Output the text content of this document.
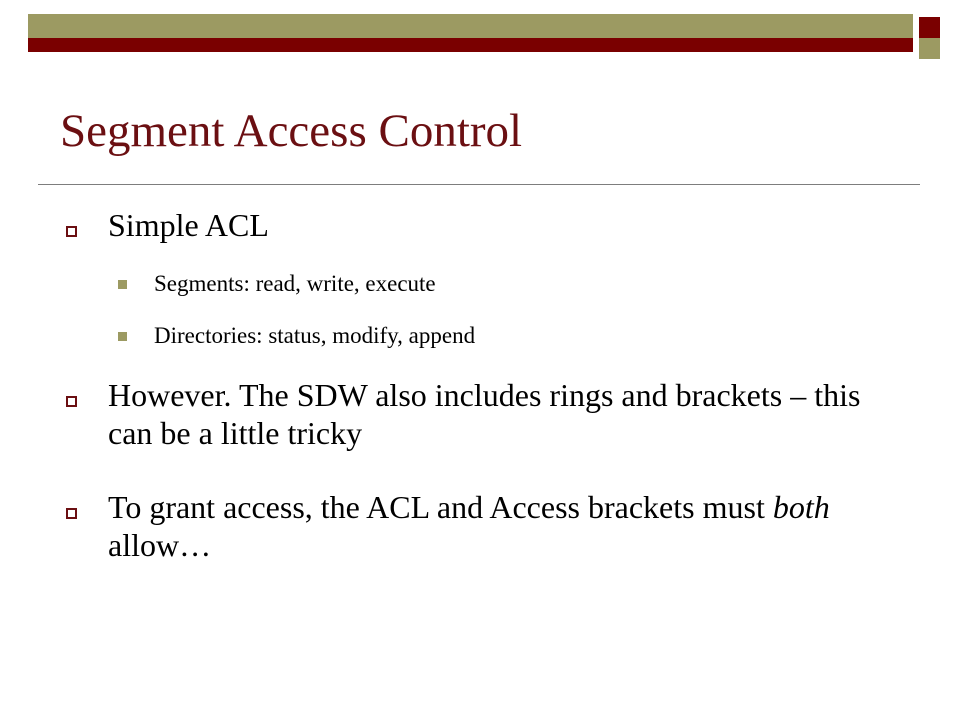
Segment Access Control
Simple ACL
Segments: read, write, execute
Directories: status, modify, append
However. The SDW also includes rings and brackets – this can be a little tricky
To grant access, the ACL and Access brackets must both allow…
